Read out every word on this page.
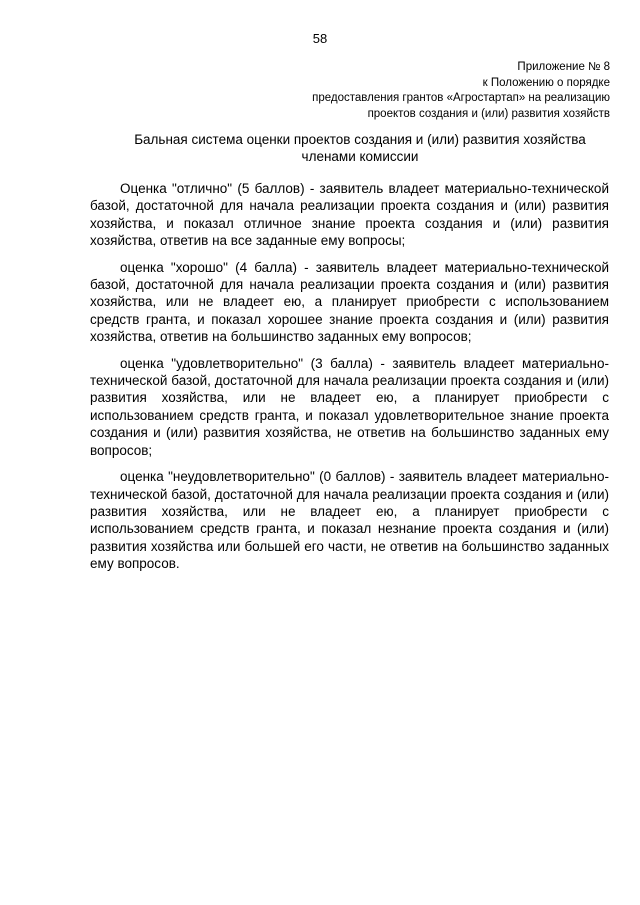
58
Приложение № 8
к Положению о порядке
предоставления грантов «Агростартап» на реализацию
проектов создания и (или) развития хозяйств
Бальная система оценки проектов создания и (или) развития хозяйства
членами комиссии

Оценка "отлично" (5 баллов) - заявитель владеет материально-технической базой, достаточной для начала реализации проекта создания и (или) развития хозяйства, и показал отличное знание проекта создания и (или) развития хозяйства, ответив на все заданные ему вопросы;

оценка "хорошо" (4 балла) - заявитель владеет материально-технической базой, достаточной для начала реализации проекта создания и (или) развития хозяйства, или не владеет ею, а планирует приобрести с использованием средств гранта, и показал хорошее знание проекта создания и (или) развития хозяйства, ответив на большинство заданных ему вопросов;

оценка "удовлетворительно" (3 балла) - заявитель владеет материально-технической базой, достаточной для начала реализации проекта создания и (или) развития хозяйства, или не владеет ею, а планирует приобрести с использованием средств гранта, и показал удовлетворительное знание проекта создания и (или) развития хозяйства, не ответив на большинство заданных ему вопросов;

оценка "неудовлетворительно" (0 баллов) - заявитель владеет материально-технической базой, достаточной для начала реализации проекта создания и (или) развития хозяйства, или не владеет ею, а планирует приобрести с использованием средств гранта, и показал незнание проекта создания и (или) развития хозяйства или большей его части, не ответив на большинство заданных ему вопросов.
